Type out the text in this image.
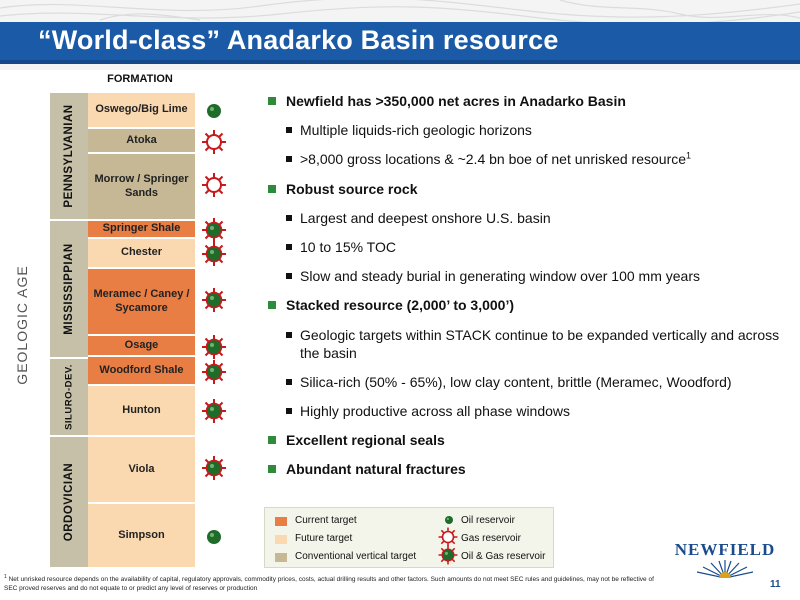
“World-class” Anadarko Basin resource
FORMATION
GEOLOGIC AGE
PENNSYLVANIAN
MISSISSIPPIAN
SILURO-DEV.
ORDOVICIAN
Oswego/Big Lime
Atoka
Morrow / Springer Sands
Springer Shale
Chester
Meramec / Caney / Sycamore
Osage
Woodford Shale
Hunton
Viola
Simpson
Newfield has >350,000 net acres in Anadarko Basin
Multiple liquids-rich geologic horizons
>8,000 gross locations & ~2.4 bn boe of net unrisked resource$^1$
Robust source rock
Largest and deepest onshore U.S. basin
10 to 15% TOC
Slow and steady burial in generating window over 100 mm years
Stacked resource (2,000’ to 3,000’)
Geologic targets within STACK continue to be expanded vertically and across the basin
Silica-rich (50% - 65%), low clay content, brittle (Meramec, Woodford)
Highly productive across all phase windows
Excellent regional seals
Abundant natural fractures
Current target
Future target
Conventional vertical target
Oil reservoir
Gas reservoir
Oil & Gas reservoir
$^1$ Net unrisked resource depends on the availability of capital, regulatory approvals, commodity prices, costs, actual drilling results and other factors. Such amounts do not meet SEC rules and guidelines, may not be reflective of SEC proved reserves and do not equate to or predict any level of reserves or production
NEWFIELD
11
